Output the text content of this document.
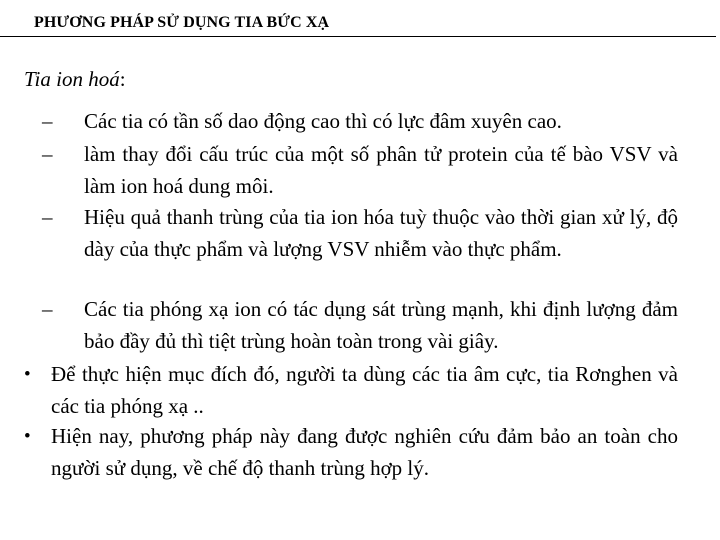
PHƯƠNG PHÁP SỬ DỤNG TIA BỨC XẠ
Tia ion hoá:
– Các tia có tần số dao động cao thì có lực đâm xuyên cao.
– làm thay đổi cấu trúc của một số phân tử protein của tế bào VSV và làm ion hoá dung môi.
– Hiệu quả thanh trùng của tia ion hóa tuỳ thuộc vào thời gian xử lý, độ dày của thực phẩm và lượng VSV nhiễm vào thực phẩm.
– Các tia phóng xạ ion có tác dụng sát trùng mạnh, khi định lượng đảm bảo đầy đủ thì tiệt trùng hoàn toàn trong vài giây.
• Để thực hiện mục đích đó, người ta dùng các tia âm cực, tia Rơnghen và các tia phóng xạ ..
• Hiện nay, phương pháp này đang được nghiên cứu đảm bảo an toàn cho người sử dụng, về chế độ thanh trùng hợp lý.
